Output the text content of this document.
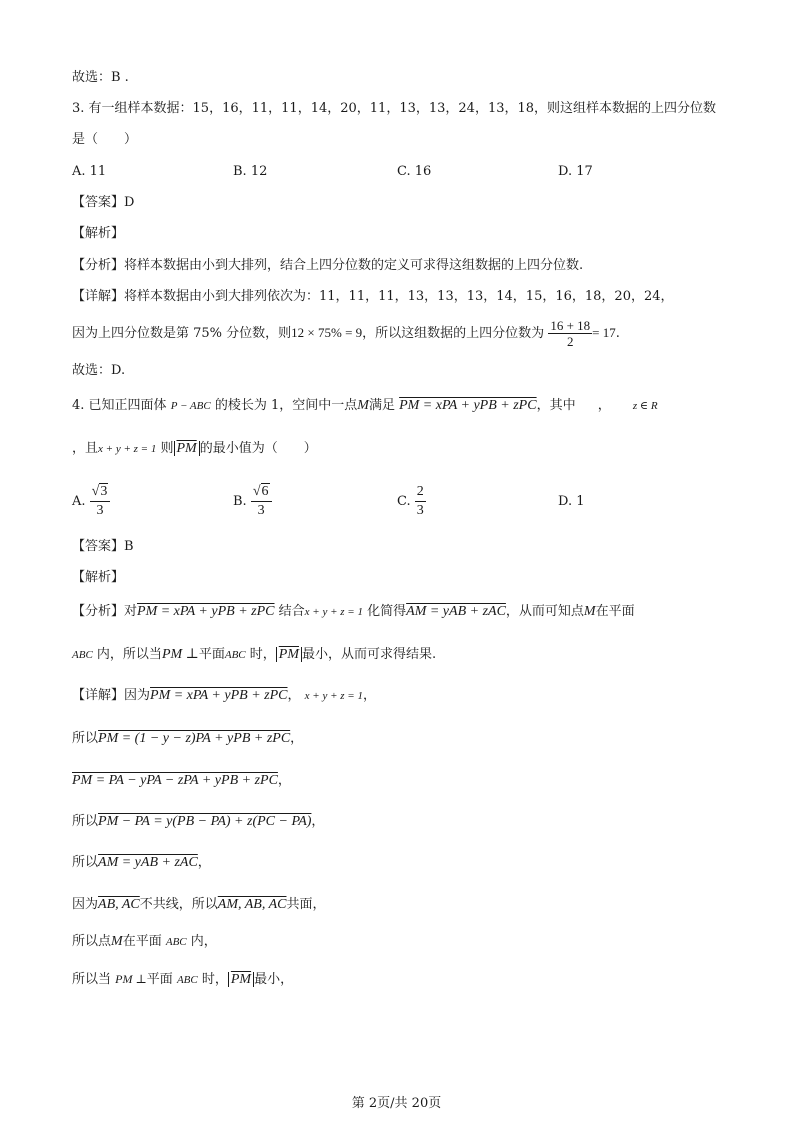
故选：B .
3. 有一组样本数据：15，16，11，11，14，20，11，13，13，24，13，18，则这组样本数据的上四分位数
是（　　）
A. 11	B. 12	C. 16	D. 17
【答案】D
【解析】
【分析】将样本数据由小到大排列，结合上四分位数的定义可求得这组数据的上四分位数.
【详解】将样本数据由小到大排列依次为：11，11，11，13，13，13，14，15，16，18，20，24，
因为上四分位数是第 75% 分位数，则12 × 75% = 9，所以这组数据的上四分位数为 $\frac{16 + 18}{2} = 17$.
故选：D.
4. 已知正四面体 P − ABC 的棱长为 1，空间中一点M满足 PM = xPA + yPB + zPC，其中 ， z ∈ R
，且x + y + z = 1 则 $\overline{PM}$ 的最小值为（　　）
A. $\frac{√3}{3}$	B. $\frac{√6}{3}$	C. $\frac{2}{3}$	D. 1
【答案】B
【解析】
【分析】对PM = xPA + yPB + zPC 结合x + y + z = 1 化简得AM = yAB + zAC，从而可知点M在平面
ABC 内，所以当PM ⊥平面ABC 时， $\overline{PM}$ 最小，从而可求得结果.
【详解】因为PM = xPA + yPB + zPC， x + y + z = 1，
所以PM = (1 − y − z)PA + yPB + zPC，
PM = PA − yPA − zPA + yPB + zPC，
所以PM − PA = y(PB − PA) + z(PC − PA)，
所以AM = yAB + zAC，
因为AB, AC不共线，所以AM, AB, AC共面，
所以点M在平面 ABC 内，
所以当 PM ⊥平面 ABC 时， $\overline{PM}$ 最小，
第 2页/共 20页
